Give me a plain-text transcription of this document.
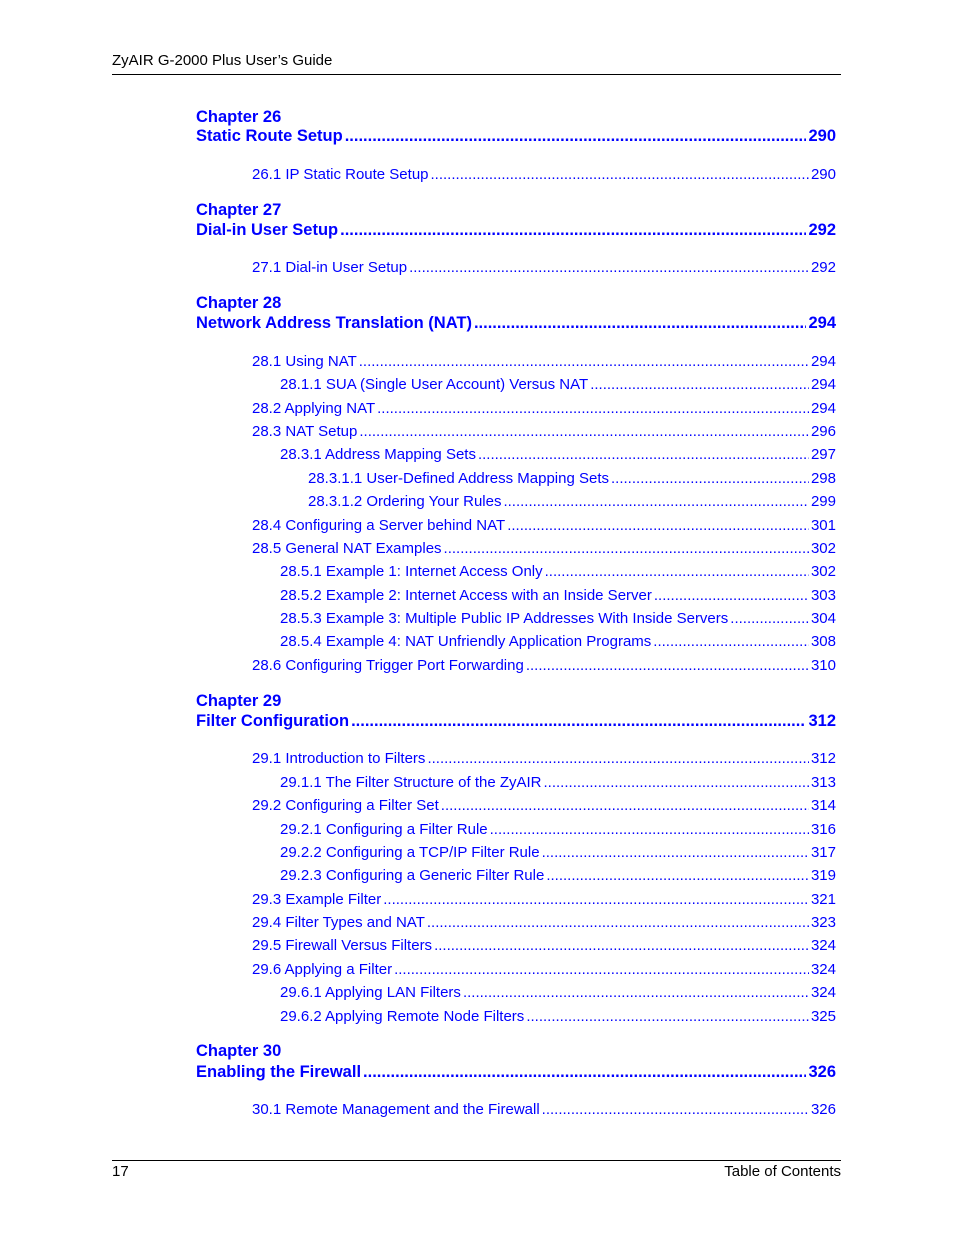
ZyAIR G-2000 Plus User’s Guide
Chapter 26
Static Route Setup .....	290
26.1 IP Static Route Setup .....	290
Chapter 27
Dial-in User Setup .....	292
27.1 Dial-in User Setup .....	292
Chapter 28
Network Address Translation (NAT) .....	294
28.1 Using NAT .....	294
28.1.1 SUA (Single User Account) Versus NAT .....	294
28.2 Applying NAT .....	294
28.3 NAT Setup .....	296
28.3.1 Address Mapping Sets .....	297
28.3.1.1 User-Defined Address Mapping Sets .....	298
28.3.1.2 Ordering Your Rules .....	299
28.4 Configuring a Server behind NAT .....	301
28.5 General NAT Examples .....	302
28.5.1 Example 1: Internet Access Only .....	302
28.5.2 Example 2: Internet Access with an Inside Server .....	303
28.5.3 Example 3: Multiple Public IP Addresses With Inside Servers .....	304
28.5.4 Example 4: NAT Unfriendly Application Programs .....	308
28.6 Configuring Trigger Port Forwarding .....	310
Chapter 29
Filter Configuration .....	312
29.1 Introduction to Filters .....	312
29.1.1 The Filter Structure of the ZyAIR .....	313
29.2 Configuring a Filter Set .....	314
29.2.1 Configuring a Filter Rule .....	316
29.2.2 Configuring a TCP/IP Filter Rule .....	317
29.2.3 Configuring a Generic Filter Rule .....	319
29.3 Example Filter .....	321
29.4 Filter Types and NAT .....	323
29.5 Firewall Versus Filters .....	324
29.6 Applying a Filter .....	324
29.6.1 Applying LAN Filters .....	324
29.6.2 Applying Remote Node Filters .....	325
Chapter 30
Enabling the Firewall .....	326
30.1 Remote Management and the Firewall .....	326
17	Table of Contents
